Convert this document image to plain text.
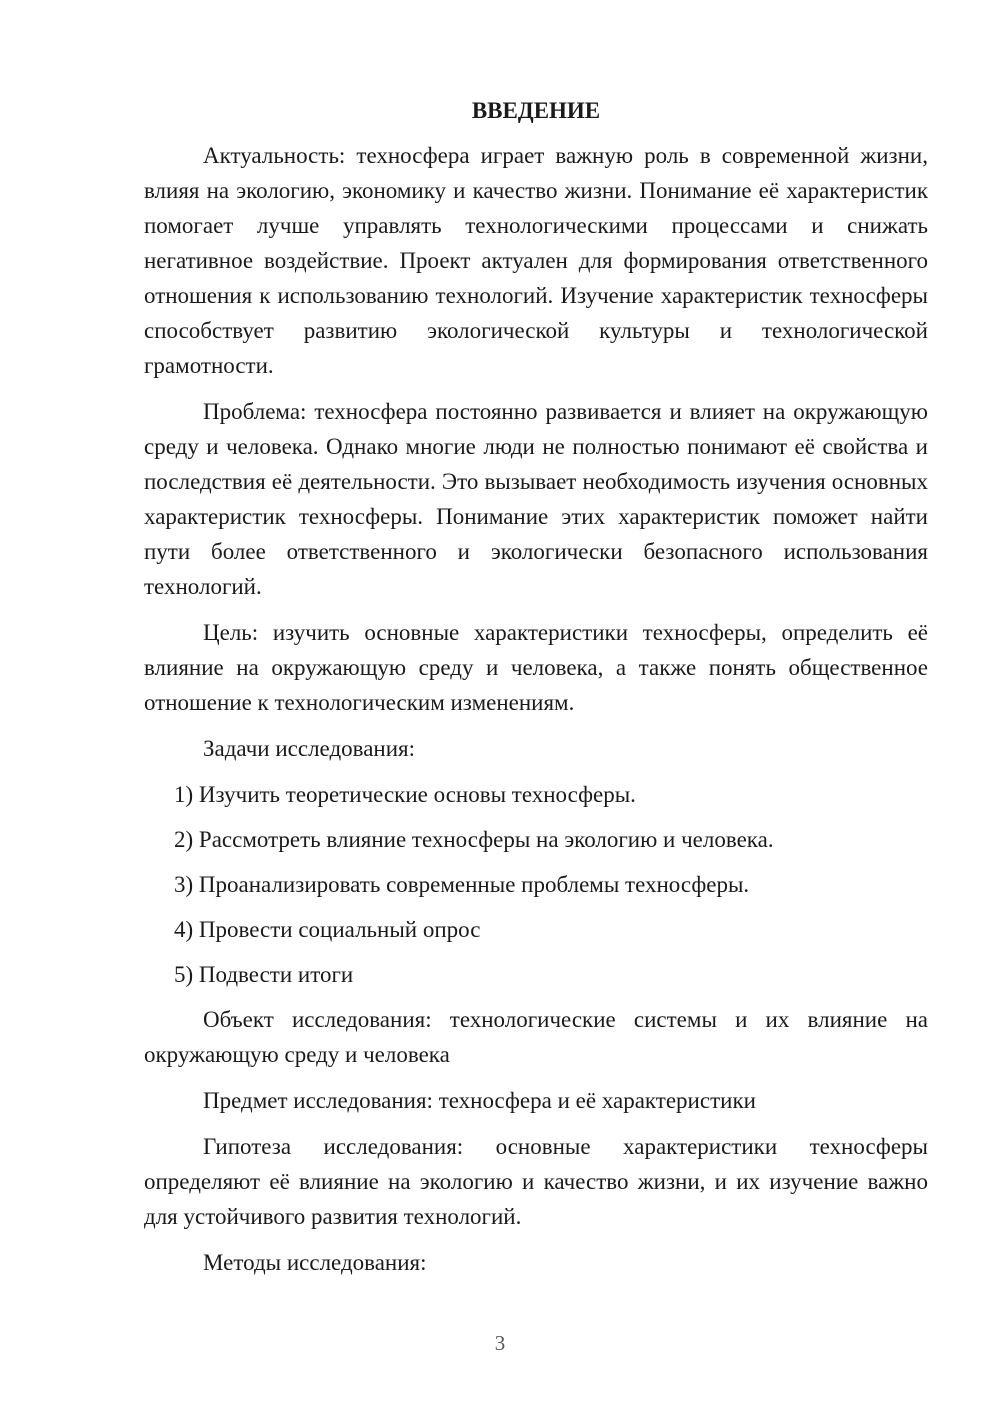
ВВЕДЕНИЕ

Актуальность: техносфера играет важную роль в современной жизни, влияя на экологию, экономику и качество жизни. Понимание её характеристик помогает лучше управлять технологическими процессами и снижать негативное воздействие. Проект актуален для формирования ответственного отношения к использованию технологий. Изучение характеристик техносферы способствует развитию экологической культуры и технологической грамотности.

Проблема: техносфера постоянно развивается и влияет на окружающую среду и человека. Однако многие люди не полностью понимают её свойства и последствия её деятельности. Это вызывает необходимость изучения основных характеристик техносферы. Понимание этих характеристик поможет найти пути более ответственного и экологически безопасного использования технологий.

Цель: изучить основные характеристики техносферы, определить её влияние на окружающую среду и человека, а также понять общественное отношение к технологическим изменениям.

Задачи исследования:

1) Изучить теоретические основы техносферы.
2) Рассмотреть влияние техносферы на экологию и человека.
3) Проанализировать современные проблемы техносферы.
4) Провести социальный опрос
5) Подвести итоги

Объект исследования: технологические системы и их влияние на окружающую среду и человека

Предмет исследования: техносфера и её характеристики

Гипотеза исследования: основные характеристики техносферы определяют её влияние на экологию и качество жизни, и их изучение важно для устойчивого развития технологий.

Методы исследования:

3
